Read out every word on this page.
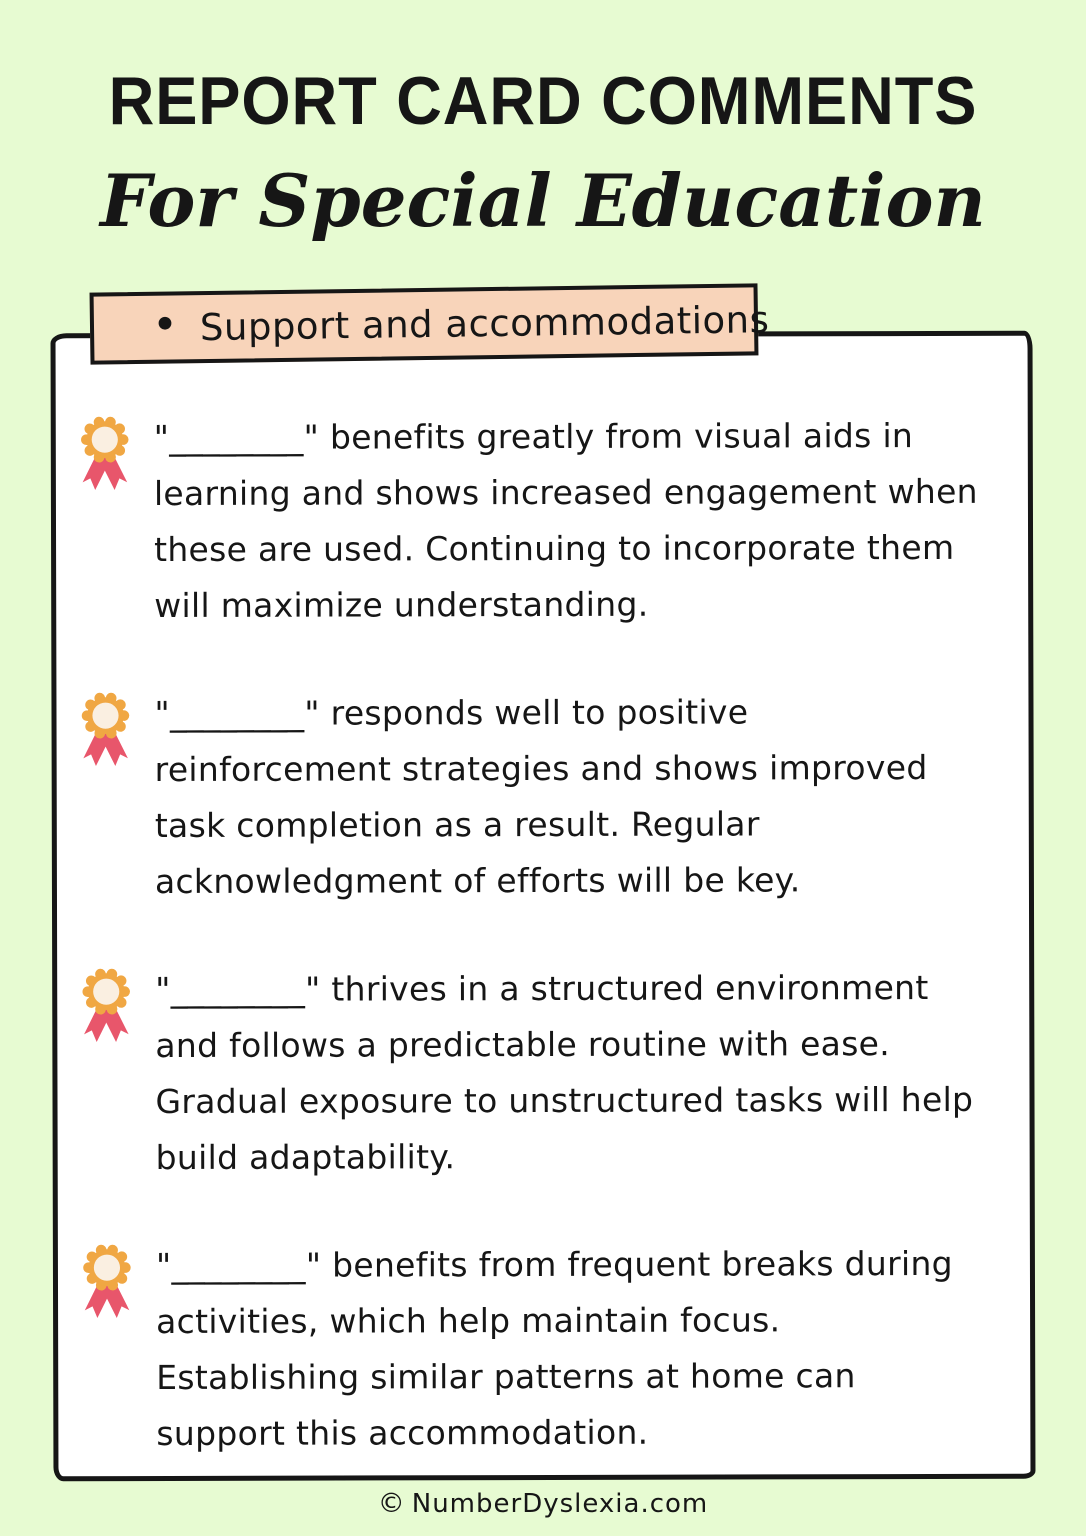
REPORT CARD COMMENTS
For Special Education
• Support and accommodations
"________" benefits greatly from visual aids in learning and shows increased engagement when these are used. Continuing to incorporate them will maximize understanding.
"________" responds well to positive reinforcement strategies and shows improved task completion as a result. Regular acknowledgment of efforts will be key.
"________" thrives in a structured environment and follows a predictable routine with ease. Gradual exposure to unstructured tasks will help build adaptability.
"________" benefits from frequent breaks during activities, which help maintain focus. Establishing similar patterns at home can support this accommodation.
© NumberDyslexia.com
